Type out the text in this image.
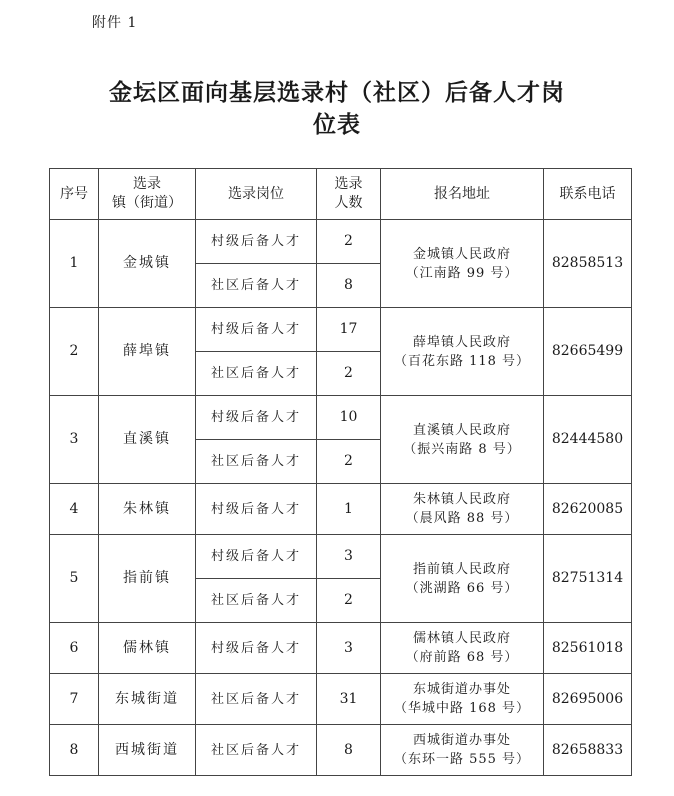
附件 1
金坛区面向基层选录村（社区）后备人才岗
位表
序号	选录
镇（街道）	选录岗位	选录
人数	报名地址	联系电话
1	金城镇	村级后备人才	2	金城镇人民政府
（江南路 99 号）	82858513
		社区后备人才	8		
2	薛埠镇	村级后备人才	17	薛埠镇人民政府
（百花东路 118 号）	82665499
		社区后备人才	2		
3	直溪镇	村级后备人才	10	直溪镇人民政府
（振兴南路 8 号）	82444580
		社区后备人才	2		
4	朱林镇	村级后备人才	1	朱林镇人民政府
（晨风路 88 号）	82620085
5	指前镇	村级后备人才	3	指前镇人民政府
（洮湖路 66 号）	82751314
		社区后备人才	2		
6	儒林镇	村级后备人才	3	儒林镇人民政府
（府前路 68 号）	82561018
7	东城街道	社区后备人才	31	东城街道办事处
（华城中路 168 号）	82695006
8	西城街道	社区后备人才	8	西城街道办事处
（东环一路 555 号）	82658833
